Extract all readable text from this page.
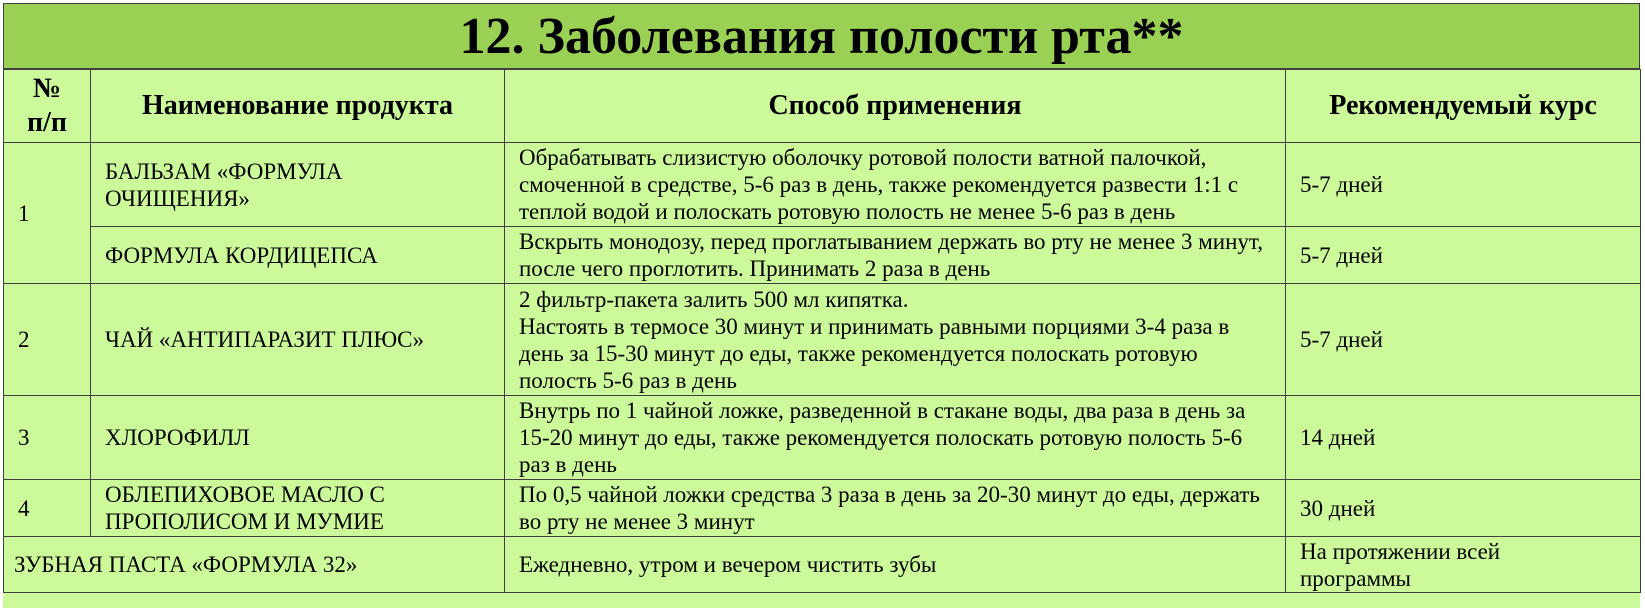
12. Заболевания полости рта**
№ п/п	Наименование продукта	Способ применения	Рекомендуемый курс
1	БАЛЬЗАМ «ФОРМУЛА ОЧИЩЕНИЯ»	Обрабатывать слизистую оболочку ротовой полости ватной палочкой, смоченной в средстве, 5-6 раз в день, также рекомендуется развести 1:1 с теплой водой и полоскать ротовую полость не менее 5-6 раз в день	5-7 дней
	ФОРМУЛА КОРДИЦЕПСА	Вскрыть монодозу, перед проглатыванием держать во рту не менее 3 минут, после чего проглотить. Принимать 2 раза в день	5-7 дней
2	ЧАЙ «АНТИПАРАЗИТ ПЛЮС»	2 фильтр-пакета залить 500 мл кипятка.
Настоять в термосе 30 минут и принимать равными порциями 3-4 раза в день за 15-30 минут до еды, также рекомендуется полоскать ротовую полость 5-6 раз в день	5-7 дней
3	ХЛОРОФИЛЛ	Внутрь по 1 чайной ложке, разведенной в стакане воды, два раза в день за 15-20 минут до еды, также рекомендуется полоскать ротовую полость 5-6 раз в день	14 дней
4	ОБЛЕПИХОВОЕ МАСЛО С ПРОПОЛИСОМ И МУМИЕ	По 0,5 чайной ложки средства 3 раза в день за 20-30 минут до еды, держать во рту не менее 3 минут	30 дней
ЗУБНАЯ ПАСТА «ФОРМУЛА 32»		Ежедневно, утром и вечером чистить зубы	На протяжении всей программы
